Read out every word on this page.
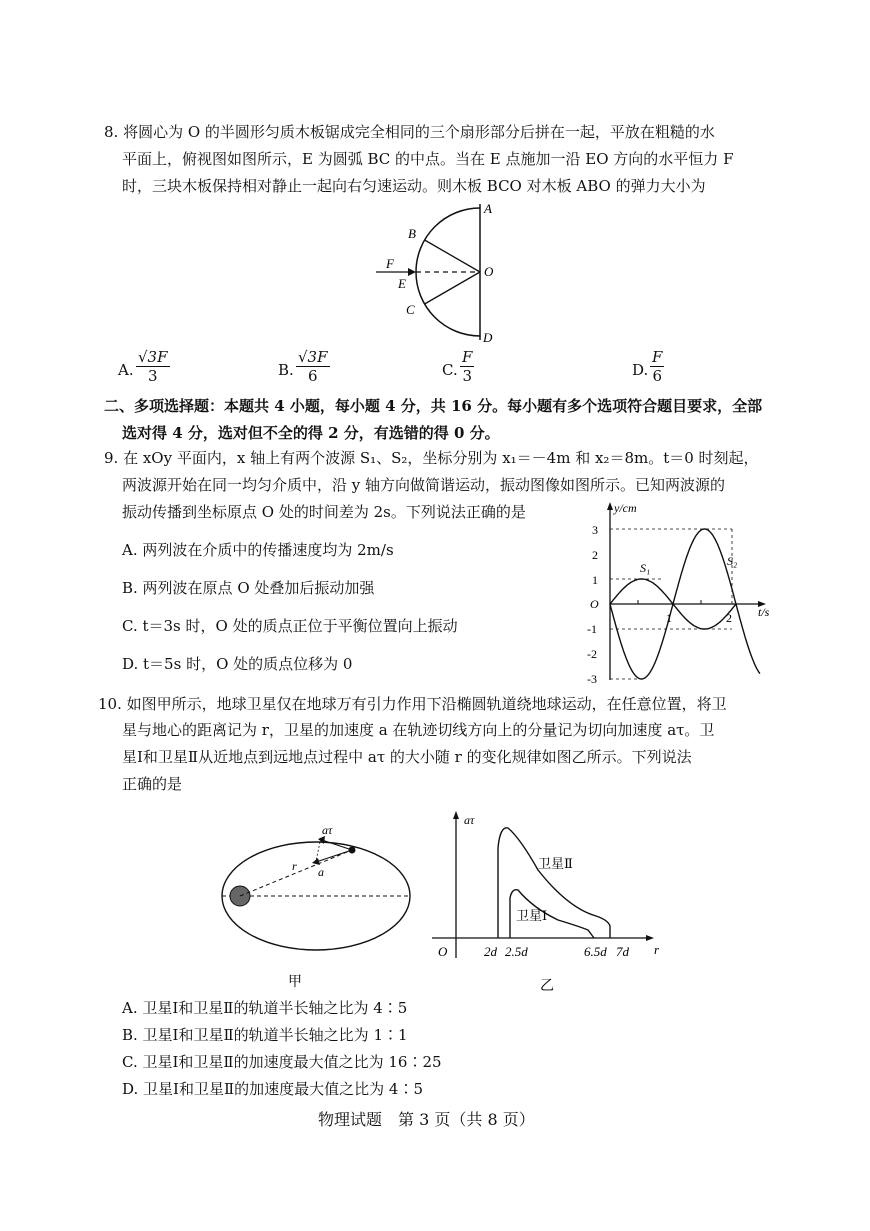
8. 将圆心为 O 的半圆形匀质木板锯成完全相同的三个扇形部分后拼在一起，平放在粗糙的水
平面上，俯视图如图所示，E 为圆弧 BC 的中点。当在 E 点施加一沿 EO 方向的水平恒力 F
时，三块木板保持相对静止一起向右匀速运动。则木板 BCO 对木板 ABO 的弹力大小为
A
B
F
O
E
C
D
A. $\frac{√3F}{3}$	B. $\frac{√3F}{6}$	C. $\frac{F}{3}$	D. $\frac{F}{6}$
二、多项选择题：本题共 4 小题，每小题 4 分，共 16 分。每小题有多个选项符合题目要求，全部
选对得 4 分，选对但不全的得 2 分，有选错的得 0 分。
9. 在 xOy 平面内，x 轴上有两个波源 S₁、S₂，坐标分别为 x₁＝－4m 和 x₂＝8m。t＝0 时刻起，
两波源开始在同一均匀介质中，沿 y 轴方向做简谐运动，振动图像如图所示。已知两波源的
振动传播到坐标原点 O 处的时间差为 2s。下列说法正确的是
A. 两列波在介质中的传播速度均为 2m/s
B. 两列波在原点 O 处叠加后振动加强
C. t＝3s 时，O 处的质点正位于平衡位置向上振动
D. t＝5s 时，O 处的质点位移为 0
y/cm
t/s
3
2
1
O
-1
-2
-3
1	2
S₁	S₂
10. 如图甲所示，地球卫星仅在地球万有引力作用下沿椭圆轨道绕地球运动，在任意位置，将卫
星与地心的距离记为 r，卫星的加速度 a 在轨迹切线方向上的分量记为切向加速度 aτ。卫
星Ⅰ和卫星Ⅱ从近地点到远地点过程中 aτ 的大小随 r 的变化规律如图乙所示。下列说法
正确的是
aτ
r a
甲
aτ
O	r
2d 2.5d	6.5d 7d
卫星Ⅱ
卫星Ⅰ
乙
A. 卫星Ⅰ和卫星Ⅱ的轨道半长轴之比为 4∶5
B. 卫星Ⅰ和卫星Ⅱ的轨道半长轴之比为 1∶1
C. 卫星Ⅰ和卫星Ⅱ的加速度最大值之比为 16∶25
D. 卫星Ⅰ和卫星Ⅱ的加速度最大值之比为 4∶5
物理试题　第 3 页（共 8 页）
